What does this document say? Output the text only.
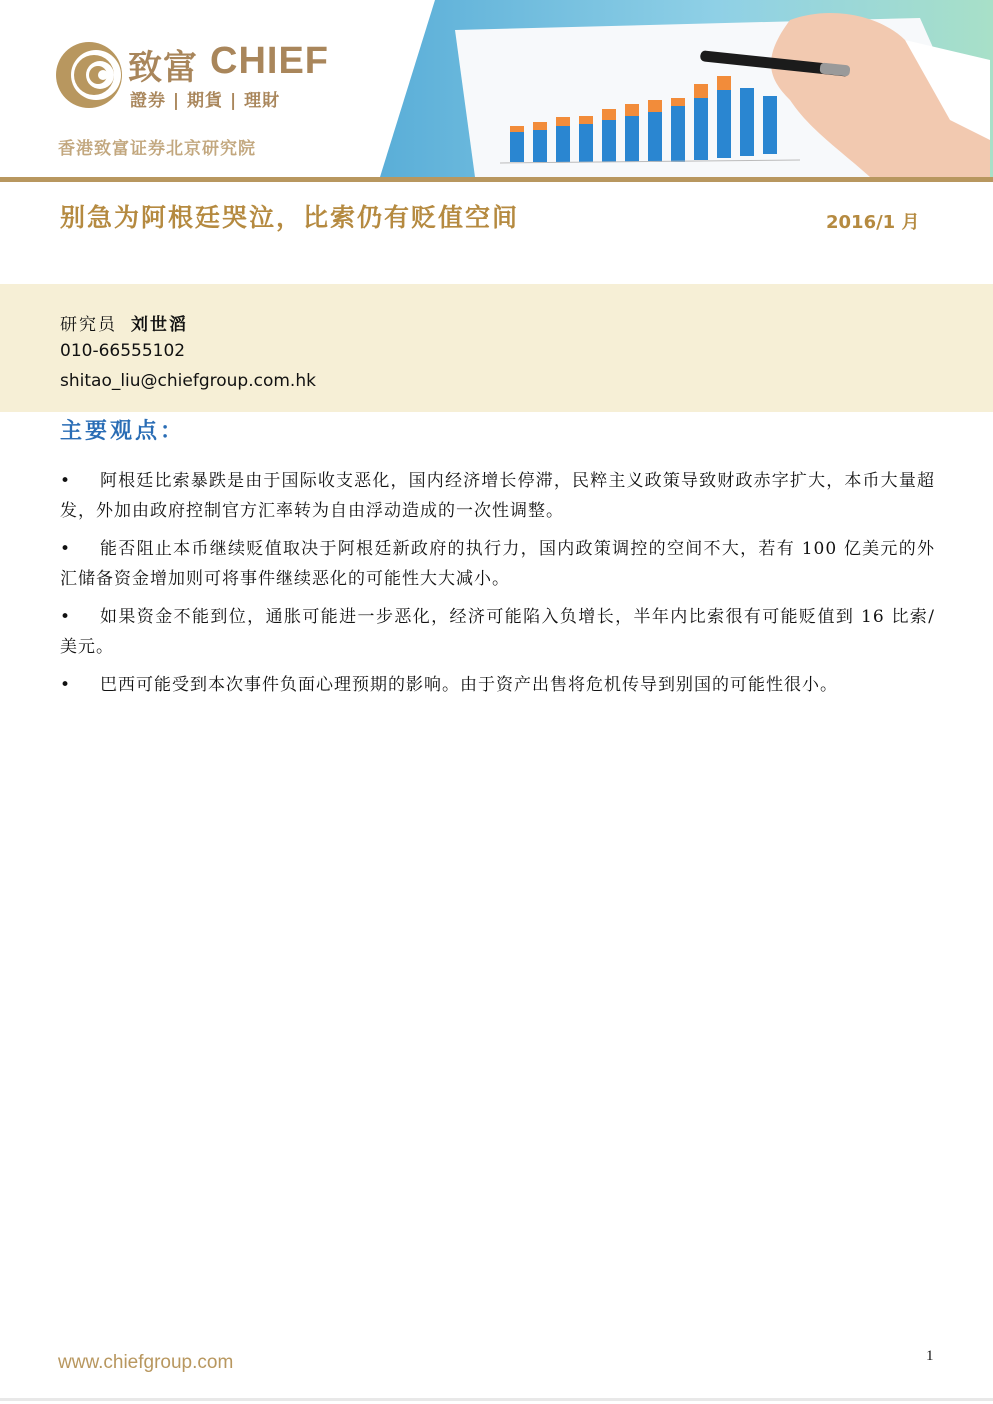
致富 CHIEF
證券 | 期貨 | 理財
香港致富证券北京研究院
别急为阿根廷哭泣，比索仍有贬值空间	2016/1 月
研究员 刘世滔
010-66555102
shitao_liu@chiefgroup.com.hk
主要观点：
• 阿根廷比索暴跌是由于国际收支恶化，国内经济增长停滞，民粹主义政策导致财政赤字扩大，本币大量超发，外加由政府控制官方汇率转为自由浮动造成的一次性调整。
• 能否阻止本币继续贬值取决于阿根廷新政府的执行力，国内政策调控的空间不大，若有 100 亿美元的外汇储备资金增加则可将事件继续恶化的可能性大大减小。
• 如果资金不能到位，通胀可能进一步恶化，经济可能陷入负增长，半年内比索很有可能贬值到 16 比索/美元。
• 巴西可能受到本次事件负面心理预期的影响。由于资产出售将危机传导到别国的可能性很小。
www.chiefgroup.com	1
